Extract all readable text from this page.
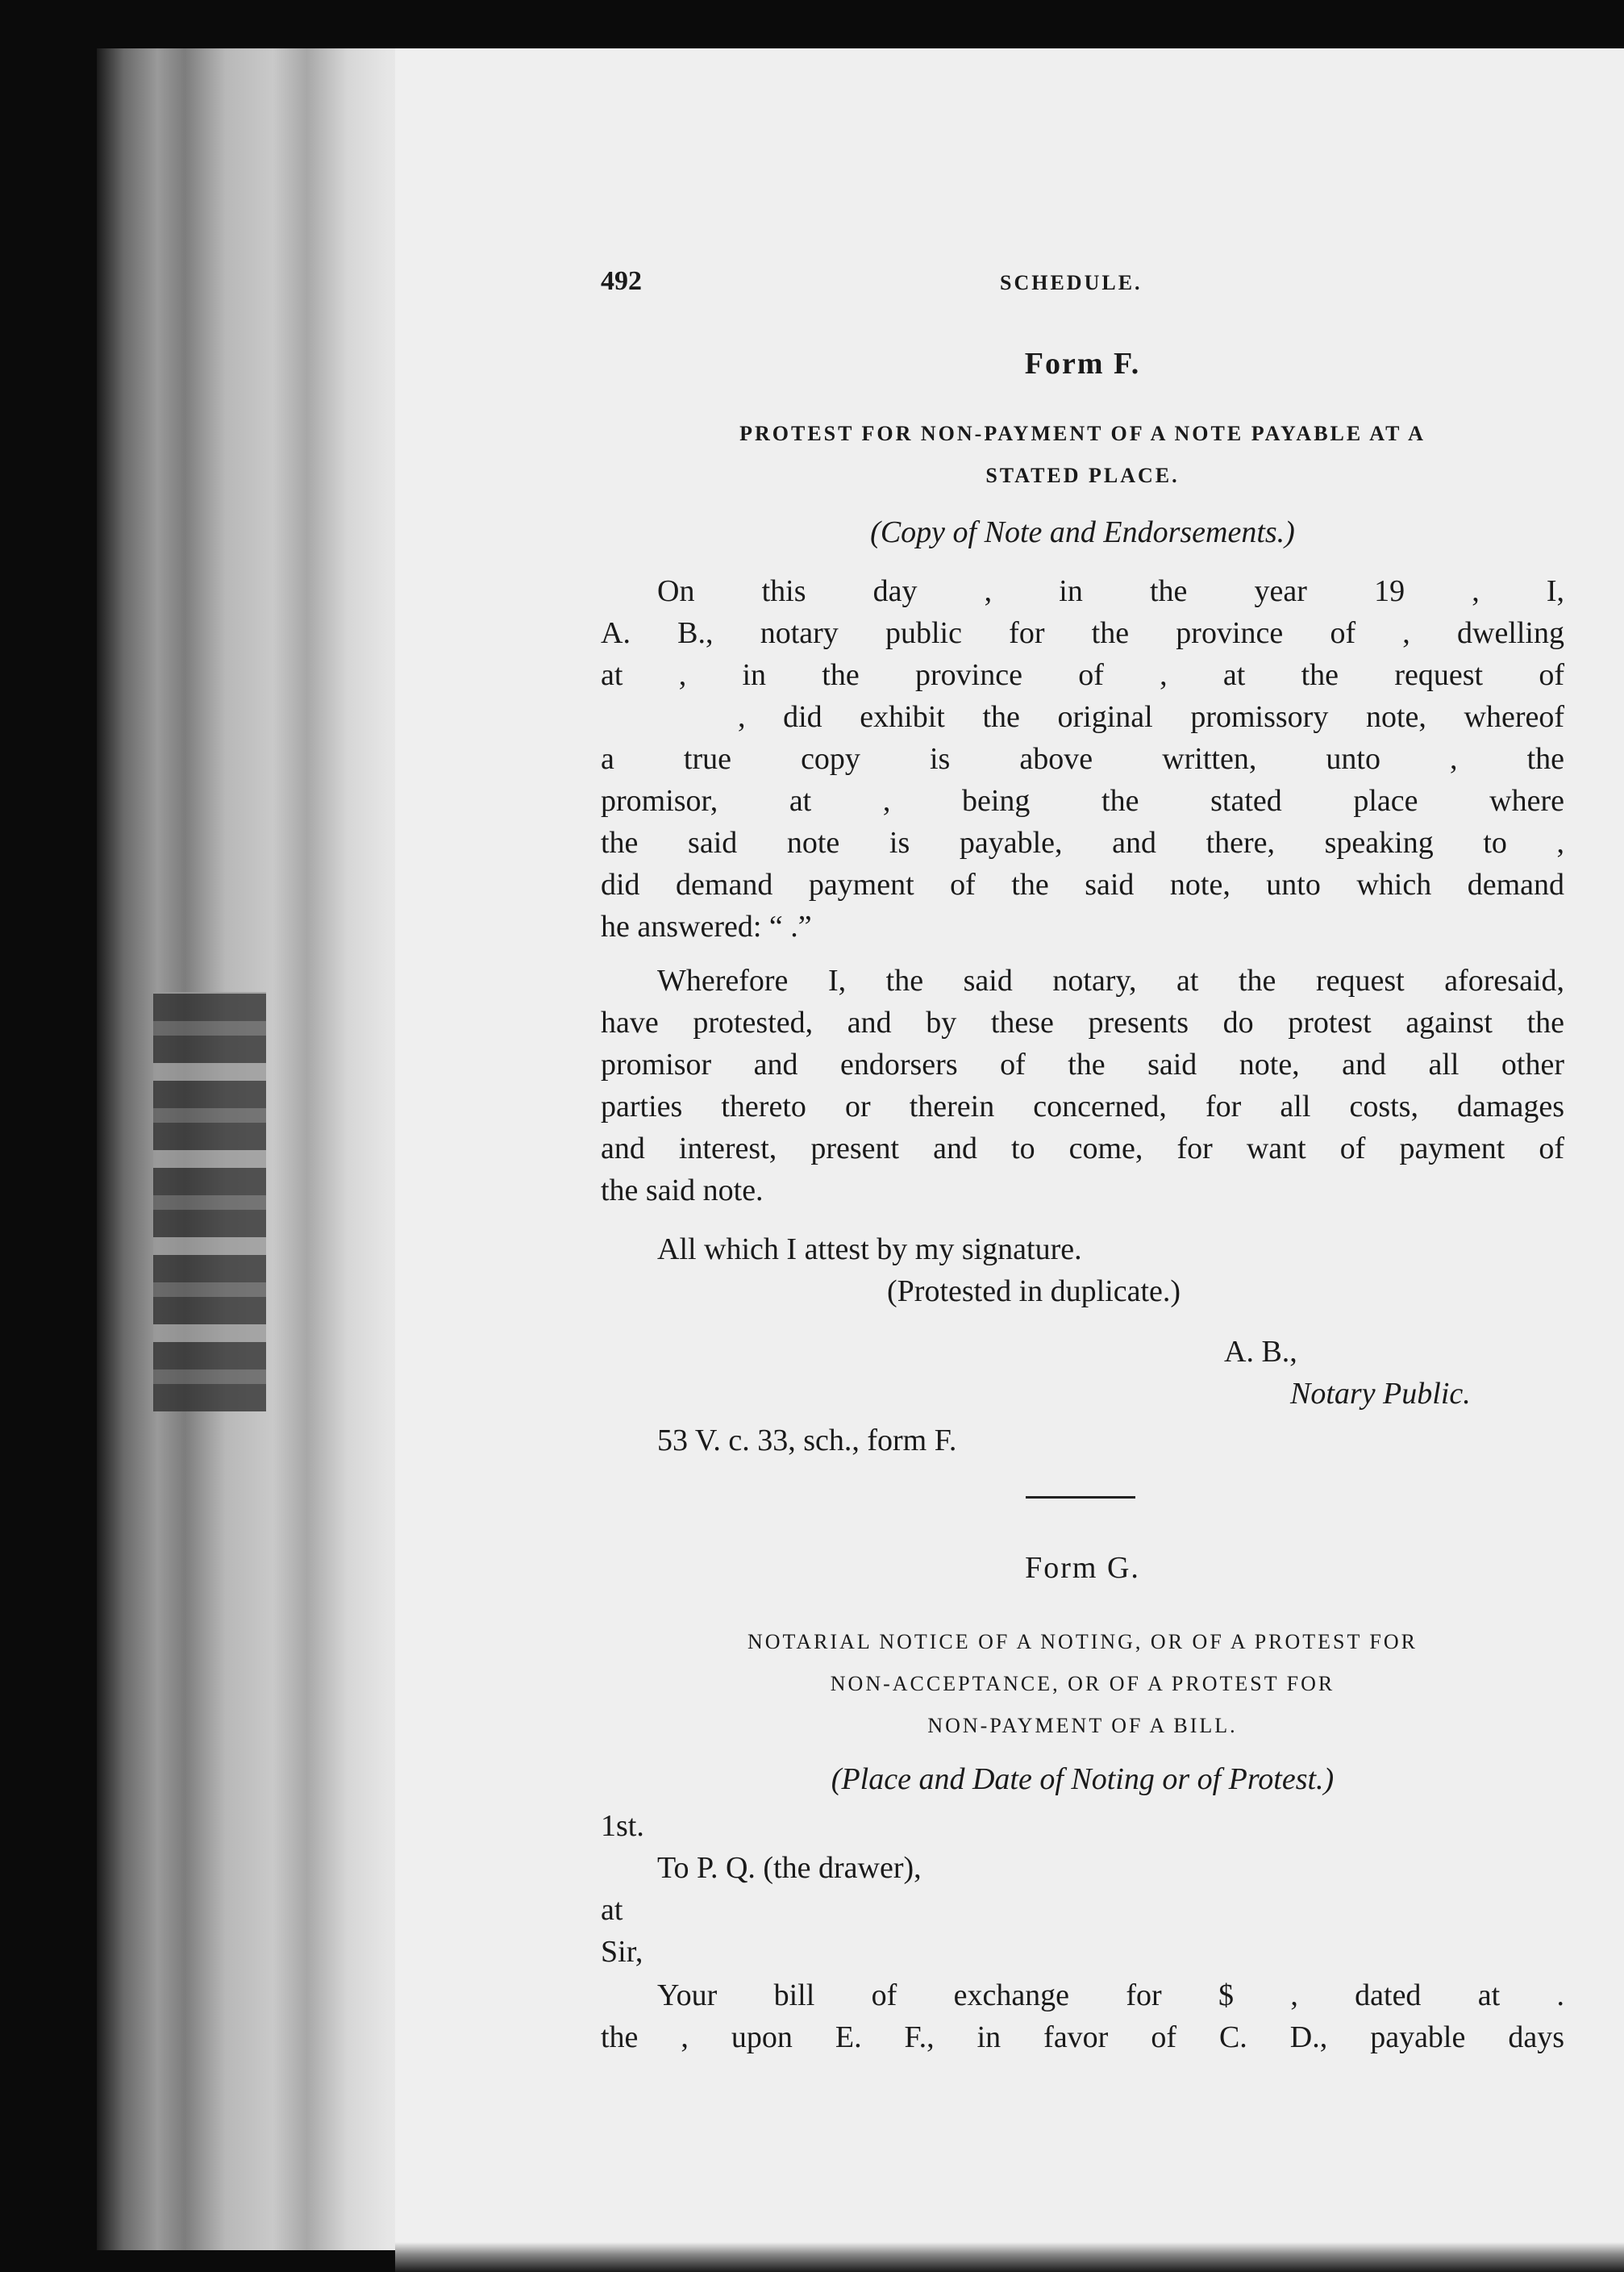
492	SCHEDULE.
Form F.
PROTEST FOR NON-PAYMENT OF A NOTE PAYABLE AT A
STATED PLACE.
(Copy of Note and Endorsements.)
On this day , in the year 19 , I,
A. B., notary public for the province of , dwelling
at , in the province of , at the request of
, did exhibit the original promissory note, whereof
a true copy is above written, unto , the
promisor, at , being the stated place where
the said note is payable, and there, speaking to ,
did demand payment of the said note, unto which demand
he answered: “ .”
Wherefore I, the said notary, at the request aforesaid,
have protested, and by these presents do protest against the
promisor and endorsers of the said note, and all other
parties thereto or therein concerned, for all costs, damages
and interest, present and to come, for want of payment of
the said note.
All which I attest by my signature.
(Protested in duplicate.)
A. B.,
Notary Public.
53 V. c. 33, sch., form F.
Form G.
NOTARIAL NOTICE OF A NOTING, OR OF A PROTEST FOR
NON-ACCEPTANCE, OR OF A PROTEST FOR
NON-PAYMENT OF A BILL.
(Place and Date of Noting or of Protest.)
1st.
To P. Q. (the drawer),
at
Sir,
Your bill of exchange for $ , dated at .
the , upon E. F., in favor of C. D., payable days
